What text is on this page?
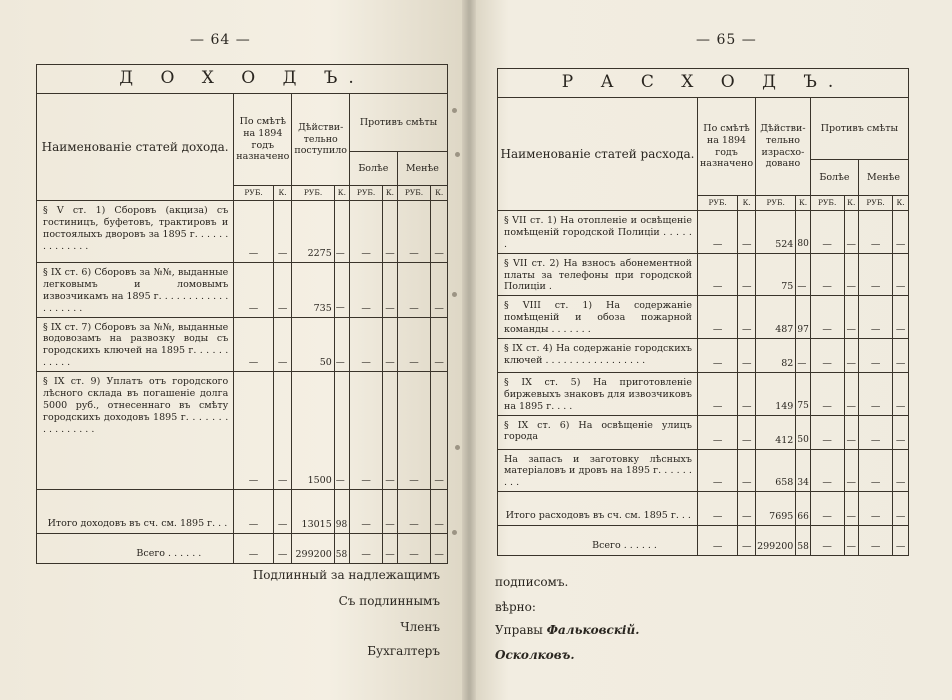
— 64 —	— 65 —
Д О Х О Д Ъ.								
Наименованіе статей дохода.	По смѣтѣ на 1894 годъ назначено		Дѣйстви-тельно поступило		Противъ смѣты			
					Болѣе		Менѣе	
	РУБ.	К.	РУБ.	К.	РУБ.	К.	РУБ.	К.
§ V ст. 1) Сборовъ (акциза) съ гостиницъ, буфетовъ, трактировъ и постоялыхъ дворовъ за 1895 г. . . . . . . . . . . . . .	—	—	2275	—	—	—	—	—
§ IX ст. 6) Сборовъ за №№, выданные легковымъ и ломовымъ извозчикамъ на 1895 г. . . . . . . . . . . . . . . . . . .	—	—	735	—	—	—	—	—
§ IX ст. 7) Сборовъ за №№, выданные водовозамъ на развозку воды съ городскихъ ключей на 1895 г. . . . . . . . . . .	—	—	50	—	—	—	—	—
§ IX ст. 9) Уплатъ отъ городского лѣсного склада въ погашеніе долга 5000 руб., отнесеннаго въ смѣту городскихъ доходовъ 1895 г. . . . . . . . . . . . . . . .	—	—	1500	—	—	—	—	—
Итого доходовъ въ сч. см. 1895 г. . .	—	—	13015	98	—	—	—	—
Всего . . . . . .	—	—	299200	58	—	—	—	—
Р А С Х О Д Ъ.								
Наименованіе статей расхода.	По смѣтѣ на 1894 годъ назначено		Дѣйстви-тельно израсхо-довано		Противъ смѣты			
					Болѣе		Менѣе	
	РУБ.	К.	РУБ.	К.	РУБ.	К.	РУБ.	К.
§ VII ст. 1) На отопленіе и освѣщеніе помѣщеній городской Полиціи . . . . . .	—	—	524	80	—	—	—	—
§ VII ст. 2) На взносъ абонементной платы за телефоны при городской Полиціи .	—	—	75	—	—	—	—	—
§ VIII ст. 1) На содержаніе помѣщеній и обоза пожарной команды . . . . . . .	—	—	487	97	—	—	—	—
§ IX ст. 4) На содержаніе городскихъ ключей . . . . . . . . . . . . . . . . .	—	—	82	—	—	—	—	—
§ IX ст. 5) На приготовленіе биржевыхъ знаковъ для извозчиковъ на 1895 г. . . .	—	—	149	75	—	—	—	—
§ IX ст. 6) На освѣщеніе улицъ города	—	—	412	50	—	—	—	—
На запасъ и заготовку лѣсныхъ матеріаловъ и дровъ на 1895 г. . . . . . . . .	—	—	658	34	—	—	—	—
Итого расходовъ въ сч. см. 1895 г. . .	—	—	7695	66	—	—	—	—
Всего . . . . . .	—	—	299200	58	—	—	—	—
Подлинный за надлежащимъ	подписомъ.
Съ подлиннымъ	вѣрно:
Членъ	Управы Фальковскій.
Бухгалтеръ	Осколковъ.
